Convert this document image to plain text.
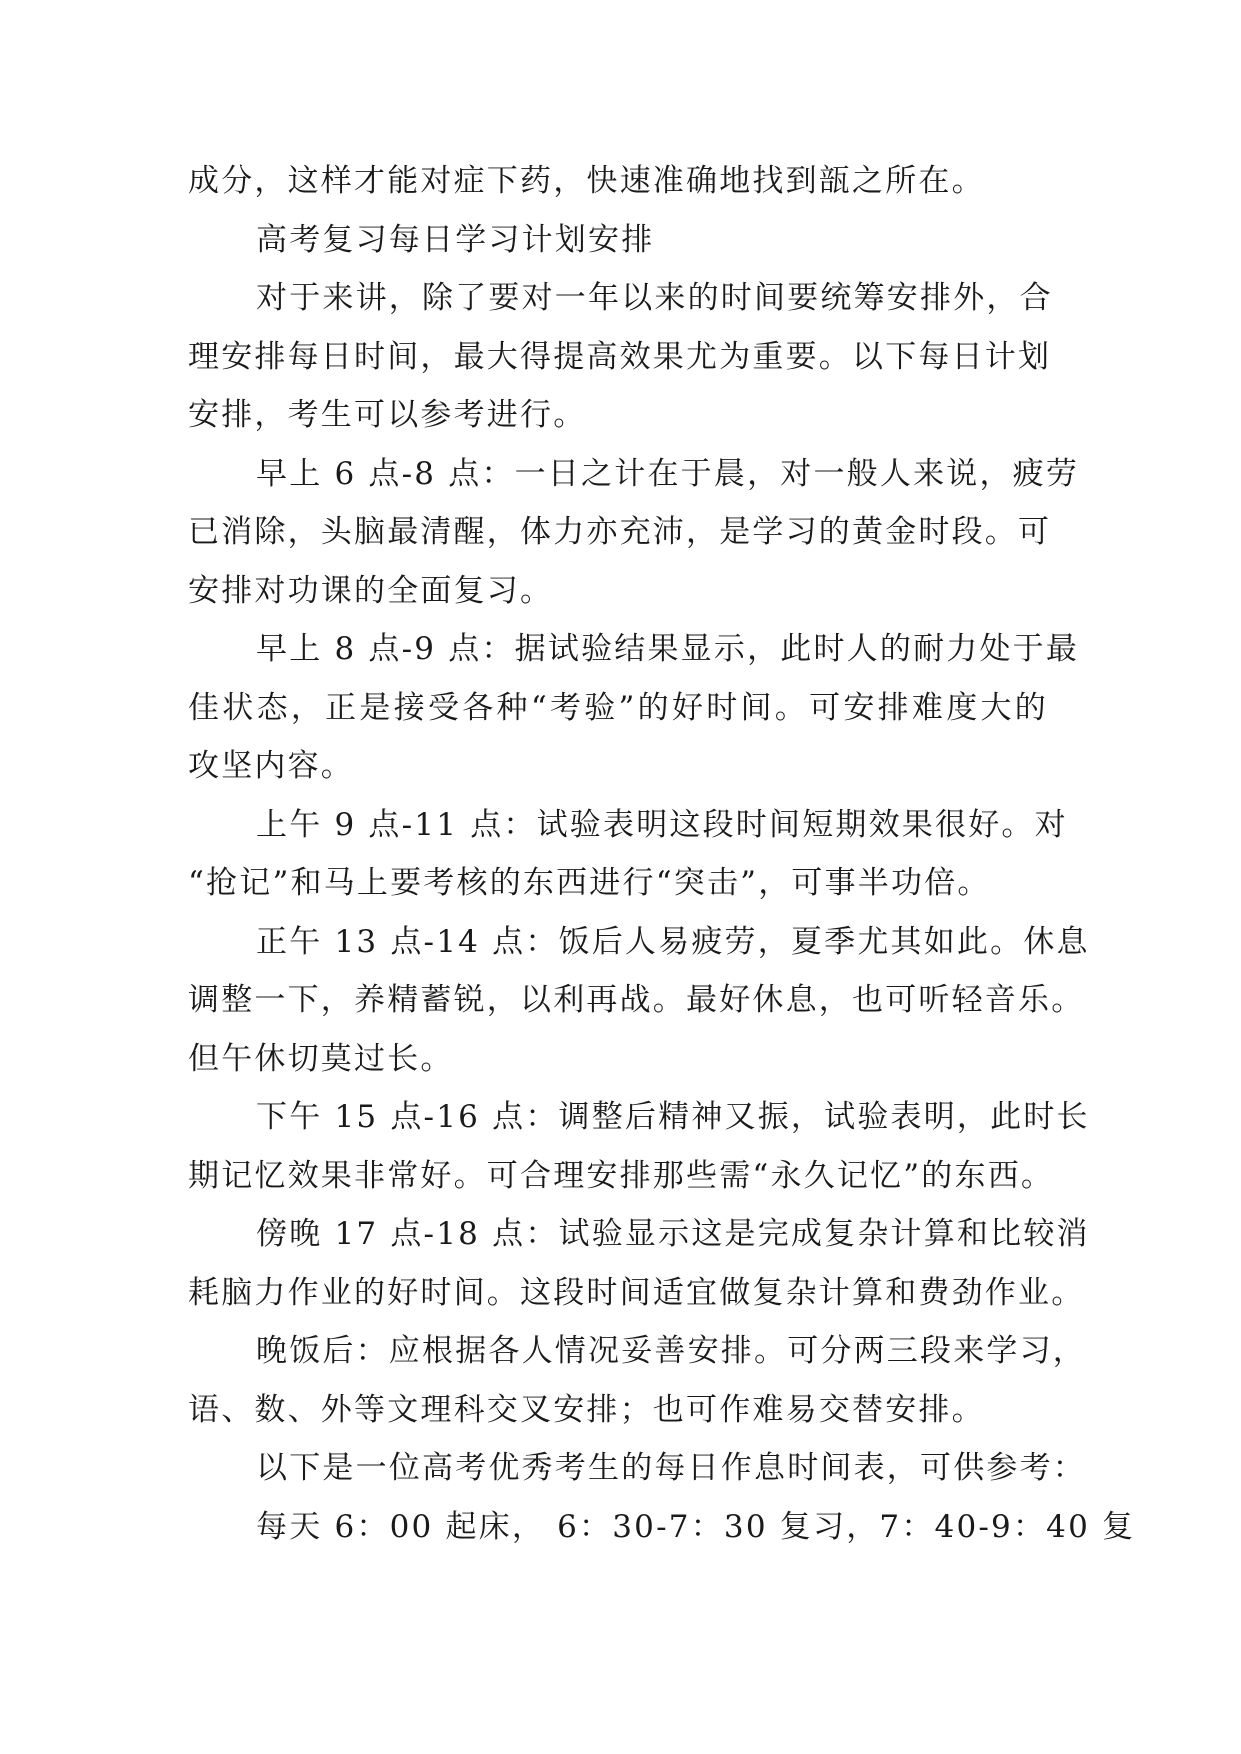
成分，这样才能对症下药，快速准确地找到瓿之所在。
高考复习每日学习计划安排
对于来讲，除了要对一年以来的时间要统筹安排外，合
理安排每日时间，最大得提高效果尤为重要。以下每日计划
安排，考生可以参考进行。
早上 6 点-8 点：一日之计在于晨，对一般人来说，疲劳
已消除，头脑最清醒，体力亦充沛，是学习的黄金时段。可
安排对功课的全面复习。
早上 8 点-9 点：据试验结果显示，此时人的耐力处于最
佳状态，正是接受各种“考验”的好时间。可安排难度大的
攻坚内容。
上午 9 点-11 点：试验表明这段时间短期效果很好。对
“抢记”和马上要考核的东西进行“突击”，可事半功倍。
正午 13 点-14 点：饭后人易疲劳，夏季尤其如此。休息
调整一下，养精蓄锐，以利再战。最好休息，也可听轻音乐。
但午休切莫过长。
下午 15 点-16 点：调整后精神又振，试验表明，此时长
期记忆效果非常好。可合理安排那些需“永久记忆”的东西。
傍晚 17 点-18 点：试验显示这是完成复杂计算和比较消
耗脑力作业的好时间。这段时间适宜做复杂计算和费劲作业。
晚饭后：应根据各人情况妥善安排。可分两三段来学习，
语、数、外等文理科交叉安排；也可作难易交替安排。
以下是一位高考优秀考生的每日作息时间表，可供参考：
每天 6：00 起床， 6：30-7：30 复习，7：40-9：40 复
